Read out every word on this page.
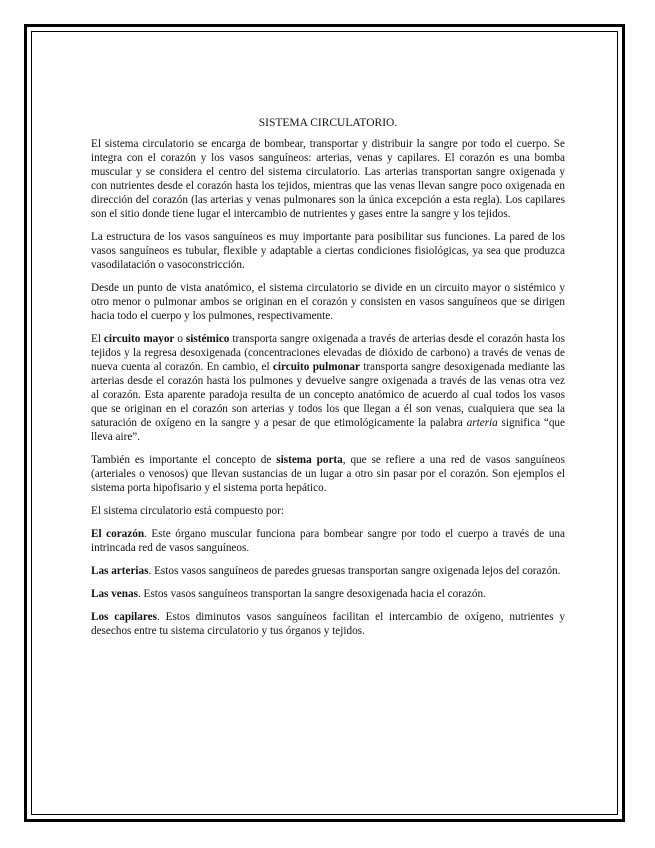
SISTEMA CIRCULATORIO.

El sistema circulatorio se encarga de bombear, transportar y distribuir la sangre por todo el cuerpo. Se integra con el corazón y los vasos sanguíneos: arterias, venas y capilares. El corazón es una bomba muscular y se considera el centro del sistema circulatorio. Las arterias transportan sangre oxigenada y con nutrientes desde el corazón hasta los tejidos, mientras que las venas llevan sangre poco oxigenada en dirección del corazón (las arterias y venas pulmonares son la única excepción a esta regla). Los capilares son el sitio donde tiene lugar el intercambio de nutrientes y gases entre la sangre y los tejidos.

La estructura de los vasos sanguíneos es muy importante para posibilitar sus funciones. La pared de los vasos sanguíneos es tubular, flexible y adaptable a ciertas condiciones fisiológicas, ya sea que produzca vasodilatación o vasoconstricción.

Desde un punto de vista anatómico, el sistema circulatorio se divide en un circuito mayor o sistémico y otro menor o pulmonar ambos se originan en el corazón y consisten en vasos sanguíneos que se dirigen hacia todo el cuerpo y los pulmones, respectivamente.

El circuito mayor o sistémico transporta sangre oxigenada a través de arterias desde el corazón hasta los tejidos y la regresa desoxigenada (concentraciones elevadas de dióxido de carbono) a través de venas de nueva cuenta al corazón. En cambio, el circuito pulmonar transporta sangre desoxigenada mediante las arterias desde el corazón hasta los pulmones y devuelve sangre oxigenada a través de las venas otra vez al corazón. Esta aparente paradoja resulta de un concepto anatómico de acuerdo al cual todos los vasos que se originan en el corazón son arterias y todos los que llegan a él son venas, cualquiera que sea la saturación de oxígeno en la sangre y a pesar de que etimológicamente la palabra arteria significa “que lleva aire”.

También es importante el concepto de sistema porta, que se refiere a una red de vasos sanguíneos (arteriales o venosos) que llevan sustancias de un lugar a otro sin pasar por el corazón. Son ejemplos el sistema porta hipofisario y el sistema porta hepático.

El sistema circulatorio está compuesto por:

El corazón. Este órgano muscular funciona para bombear sangre por todo el cuerpo a través de una intrincada red de vasos sanguíneos.

Las arterias. Estos vasos sanguíneos de paredes gruesas transportan sangre oxigenada lejos del corazón.

Las venas. Estos vasos sanguíneos transportan la sangre desoxigenada hacia el corazón.

Los capilares. Estos diminutos vasos sanguíneos facilitan el intercambio de oxígeno, nutrientes y desechos entre tu sistema circulatorio y tus órganos y tejidos.
